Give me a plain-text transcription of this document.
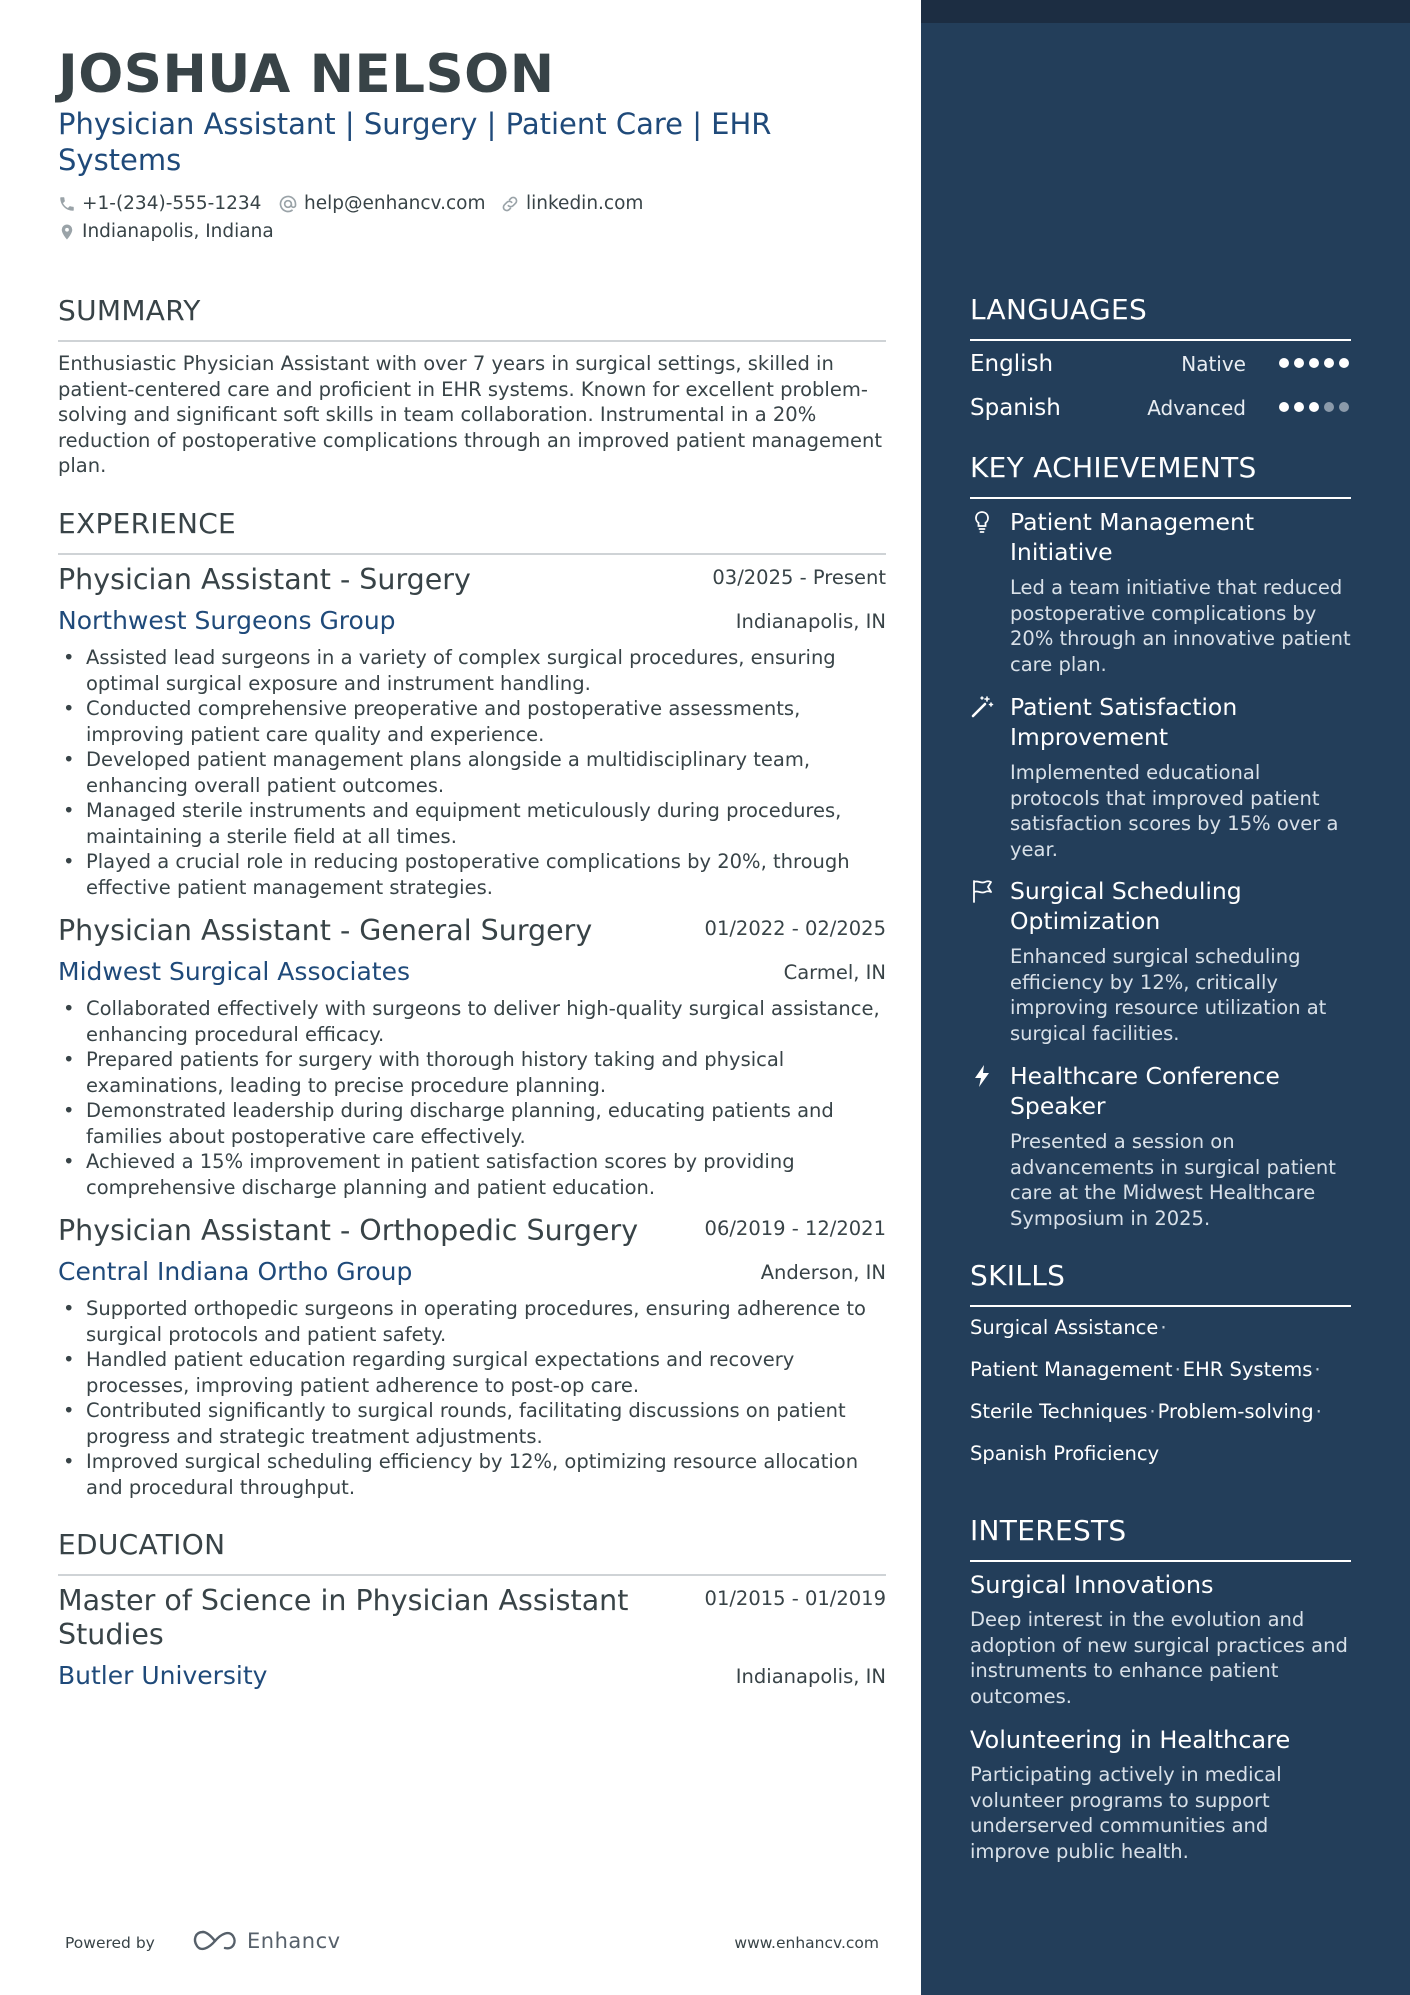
JOSHUA NELSON
Physician Assistant | Surgery | Patient Care | EHR Systems
+1-(234)-555-1234 help@enhancv.com linkedin.com
Indianapolis, Indiana
SUMMARY
Enthusiastic Physician Assistant with over 7 years in surgical settings, skilled in patient-centered care and proficient in EHR systems. Known for excellent problem-solving and significant soft skills in team collaboration. Instrumental in a 20% reduction of postoperative complications through an improved patient management plan.
EXPERIENCE
Physician Assistant - Surgery	03/2025 - Present
Northwest Surgeons Group	Indianapolis, IN
• Assisted lead surgeons in a variety of complex surgical procedures, ensuring optimal surgical exposure and instrument handling.
• Conducted comprehensive preoperative and postoperative assessments, improving patient care quality and experience.
• Developed patient management plans alongside a multidisciplinary team, enhancing overall patient outcomes.
• Managed sterile instruments and equipment meticulously during procedures, maintaining a sterile field at all times.
• Played a crucial role in reducing postoperative complications by 20%, through effective patient management strategies.
Physician Assistant - General Surgery	01/2022 - 02/2025
Midwest Surgical Associates	Carmel, IN
• Collaborated effectively with surgeons to deliver high-quality surgical assistance, enhancing procedural efficacy.
• Prepared patients for surgery with thorough history taking and physical examinations, leading to precise procedure planning.
• Demonstrated leadership during discharge planning, educating patients and families about postoperative care effectively.
• Achieved a 15% improvement in patient satisfaction scores by providing comprehensive discharge planning and patient education.
Physician Assistant - Orthopedic Surgery	06/2019 - 12/2021
Central Indiana Ortho Group	Anderson, IN
• Supported orthopedic surgeons in operating procedures, ensuring adherence to surgical protocols and patient safety.
• Handled patient education regarding surgical expectations and recovery processes, improving patient adherence to post-op care.
• Contributed significantly to surgical rounds, facilitating discussions on patient progress and strategic treatment adjustments.
• Improved surgical scheduling efficiency by 12%, optimizing resource allocation and procedural throughput.
EDUCATION
Master of Science in Physician Assistant Studies
01/2015 - 01/2019
Butler University	Indianapolis, IN
Powered by	Enhancv	www.enhancv.com
LANGUAGES
English	Native
Spanish	Advanced
KEY ACHIEVEMENTS
Patient Management Initiative
Led a team initiative that reduced postoperative complications by 20% through an innovative patient care plan.
Patient Satisfaction Improvement
Implemented educational protocols that improved patient satisfaction scores by 15% over a year.
Surgical Scheduling Optimization
Enhanced surgical scheduling efficiency by 12%, critically improving resource utilization at surgical facilities.
Healthcare Conference Speaker
Presented a session on advancements in surgical patient care at the Midwest Healthcare Symposium in 2025.
SKILLS
Surgical Assistance ·
Patient Management · EHR Systems ·
Sterile Techniques · Problem-solving ·
Spanish Proficiency
INTERESTS
Surgical Innovations
Deep interest in the evolution and adoption of new surgical practices and instruments to enhance patient outcomes.
Volunteering in Healthcare
Participating actively in medical volunteer programs to support underserved communities and improve public health.
